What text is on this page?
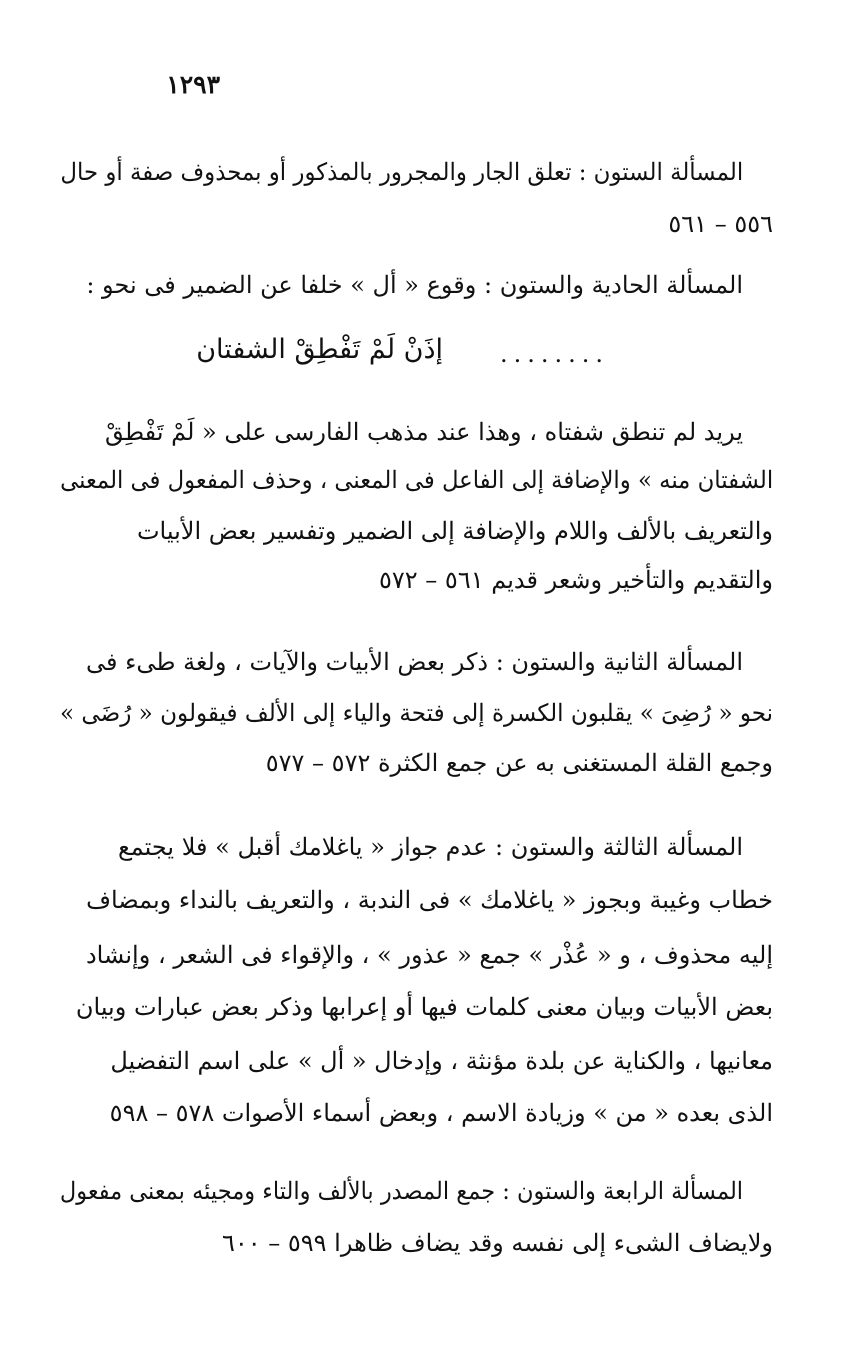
١٢٩٣
المسألة الستون : تعلق الجار والمجرور بالمذكور أو بمحذوف صفة أو حال
٥٥٦ – ٥٦١
المسألة الحادية والستون : وقوع « أل » خلفا عن الضمير فى نحو :
........
إذَنْ لَمْ تَفْطِقْ الشفتان
يريد لم تنطق شفتاه ، وهذا عند مذهب الفارسى على « لَمْ تَفْطِقْ
الشفتان منه » والإضافة إلى الفاعل فى المعنى ، وحذف المفعول فى المعنى
والتعريف بالألف واللام والإضافة إلى الضمير وتفسير بعض الأبيات
والتقديم والتأخير وشعر قديم ٥٦١ – ٥٧٢
المسألة الثانية والستون : ذكر بعض الأبيات والآيات ، ولغة طىء فى
نحو « رُضِىَ » يقلبون الكسرة إلى فتحة والياء إلى الألف فيقولون « رُضَى »
وجمع القلة المستغنى به عن جمع الكثرة ٥٧٢ – ٥٧٧
المسألة الثالثة والستون : عدم جواز « ياغلامك أقبل » فلا يجتمع
خطاب وغيبة وبجوز « ياغلامك » فى الندبة ، والتعريف بالنداء وبمضاف
إليه محذوف ، و « عُذْر » جمع « عذور » ، والإقواء فى الشعر ، وإنشاد
بعض الأبيات وبيان معنى كلمات فيها أو إعرابها وذكر بعض عبارات وبيان
معانيها ، والكناية عن بلدة مؤنثة ، وإدخال « أل » على اسم التفضيل
الذى بعده « من » وزيادة الاسم ، وبعض أسماء الأصوات ٥٧٨ – ٥٩٨
المسألة الرابعة والستون : جمع المصدر بالألف والتاء ومجيئه بمعنى مفعول
ولايضاف الشىء إلى نفسه وقد يضاف ظاهرا ٥٩٩ – ٦٠٠
